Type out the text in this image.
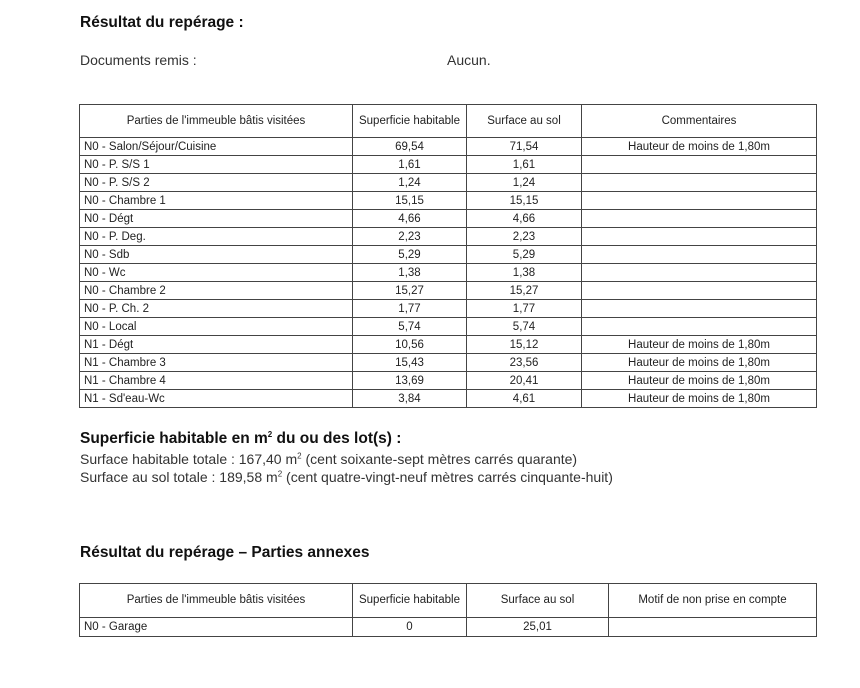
Résultat du repérage :
Documents remis :	Aucun.
Parties de l'immeuble bâtis visitées	Superficie habitable	Surface au sol	Commentaires
N0 - Salon/Séjour/Cuisine	69,54	71,54	Hauteur de moins de 1,80m
N0 - P. S/S 1	1,61	1,61	
N0 - P. S/S 2	1,24	1,24	
N0 - Chambre 1	15,15	15,15	
N0 - Dégt	4,66	4,66	
N0 - P. Deg.	2,23	2,23	
N0 - Sdb	5,29	5,29	
N0 - Wc	1,38	1,38	
N0 - Chambre 2	15,27	15,27	
N0 - P. Ch. 2	1,77	1,77	
N0 - Local	5,74	5,74	
N1 - Dégt	10,56	15,12	Hauteur de moins de 1,80m
N1 - Chambre 3	15,43	23,56	Hauteur de moins de 1,80m
N1 - Chambre 4	13,69	20,41	Hauteur de moins de 1,80m
N1 - Sd'eau-Wc	3,84	4,61	Hauteur de moins de 1,80m
Superficie habitable en $m^2$ du ou des lot(s) :
Surface habitable totale : 167,40 $m^2$ (cent soixante-sept mètres carrés quarante)
Surface au sol totale : 189,58 $m^2$ (cent quatre-vingt-neuf mètres carrés cinquante-huit)
Résultat du repérage – Parties annexes
Parties de l'immeuble bâtis visitées	Superficie habitable	Surface au sol	Motif de non prise en compte
N0 - Garage	0	25,01	
